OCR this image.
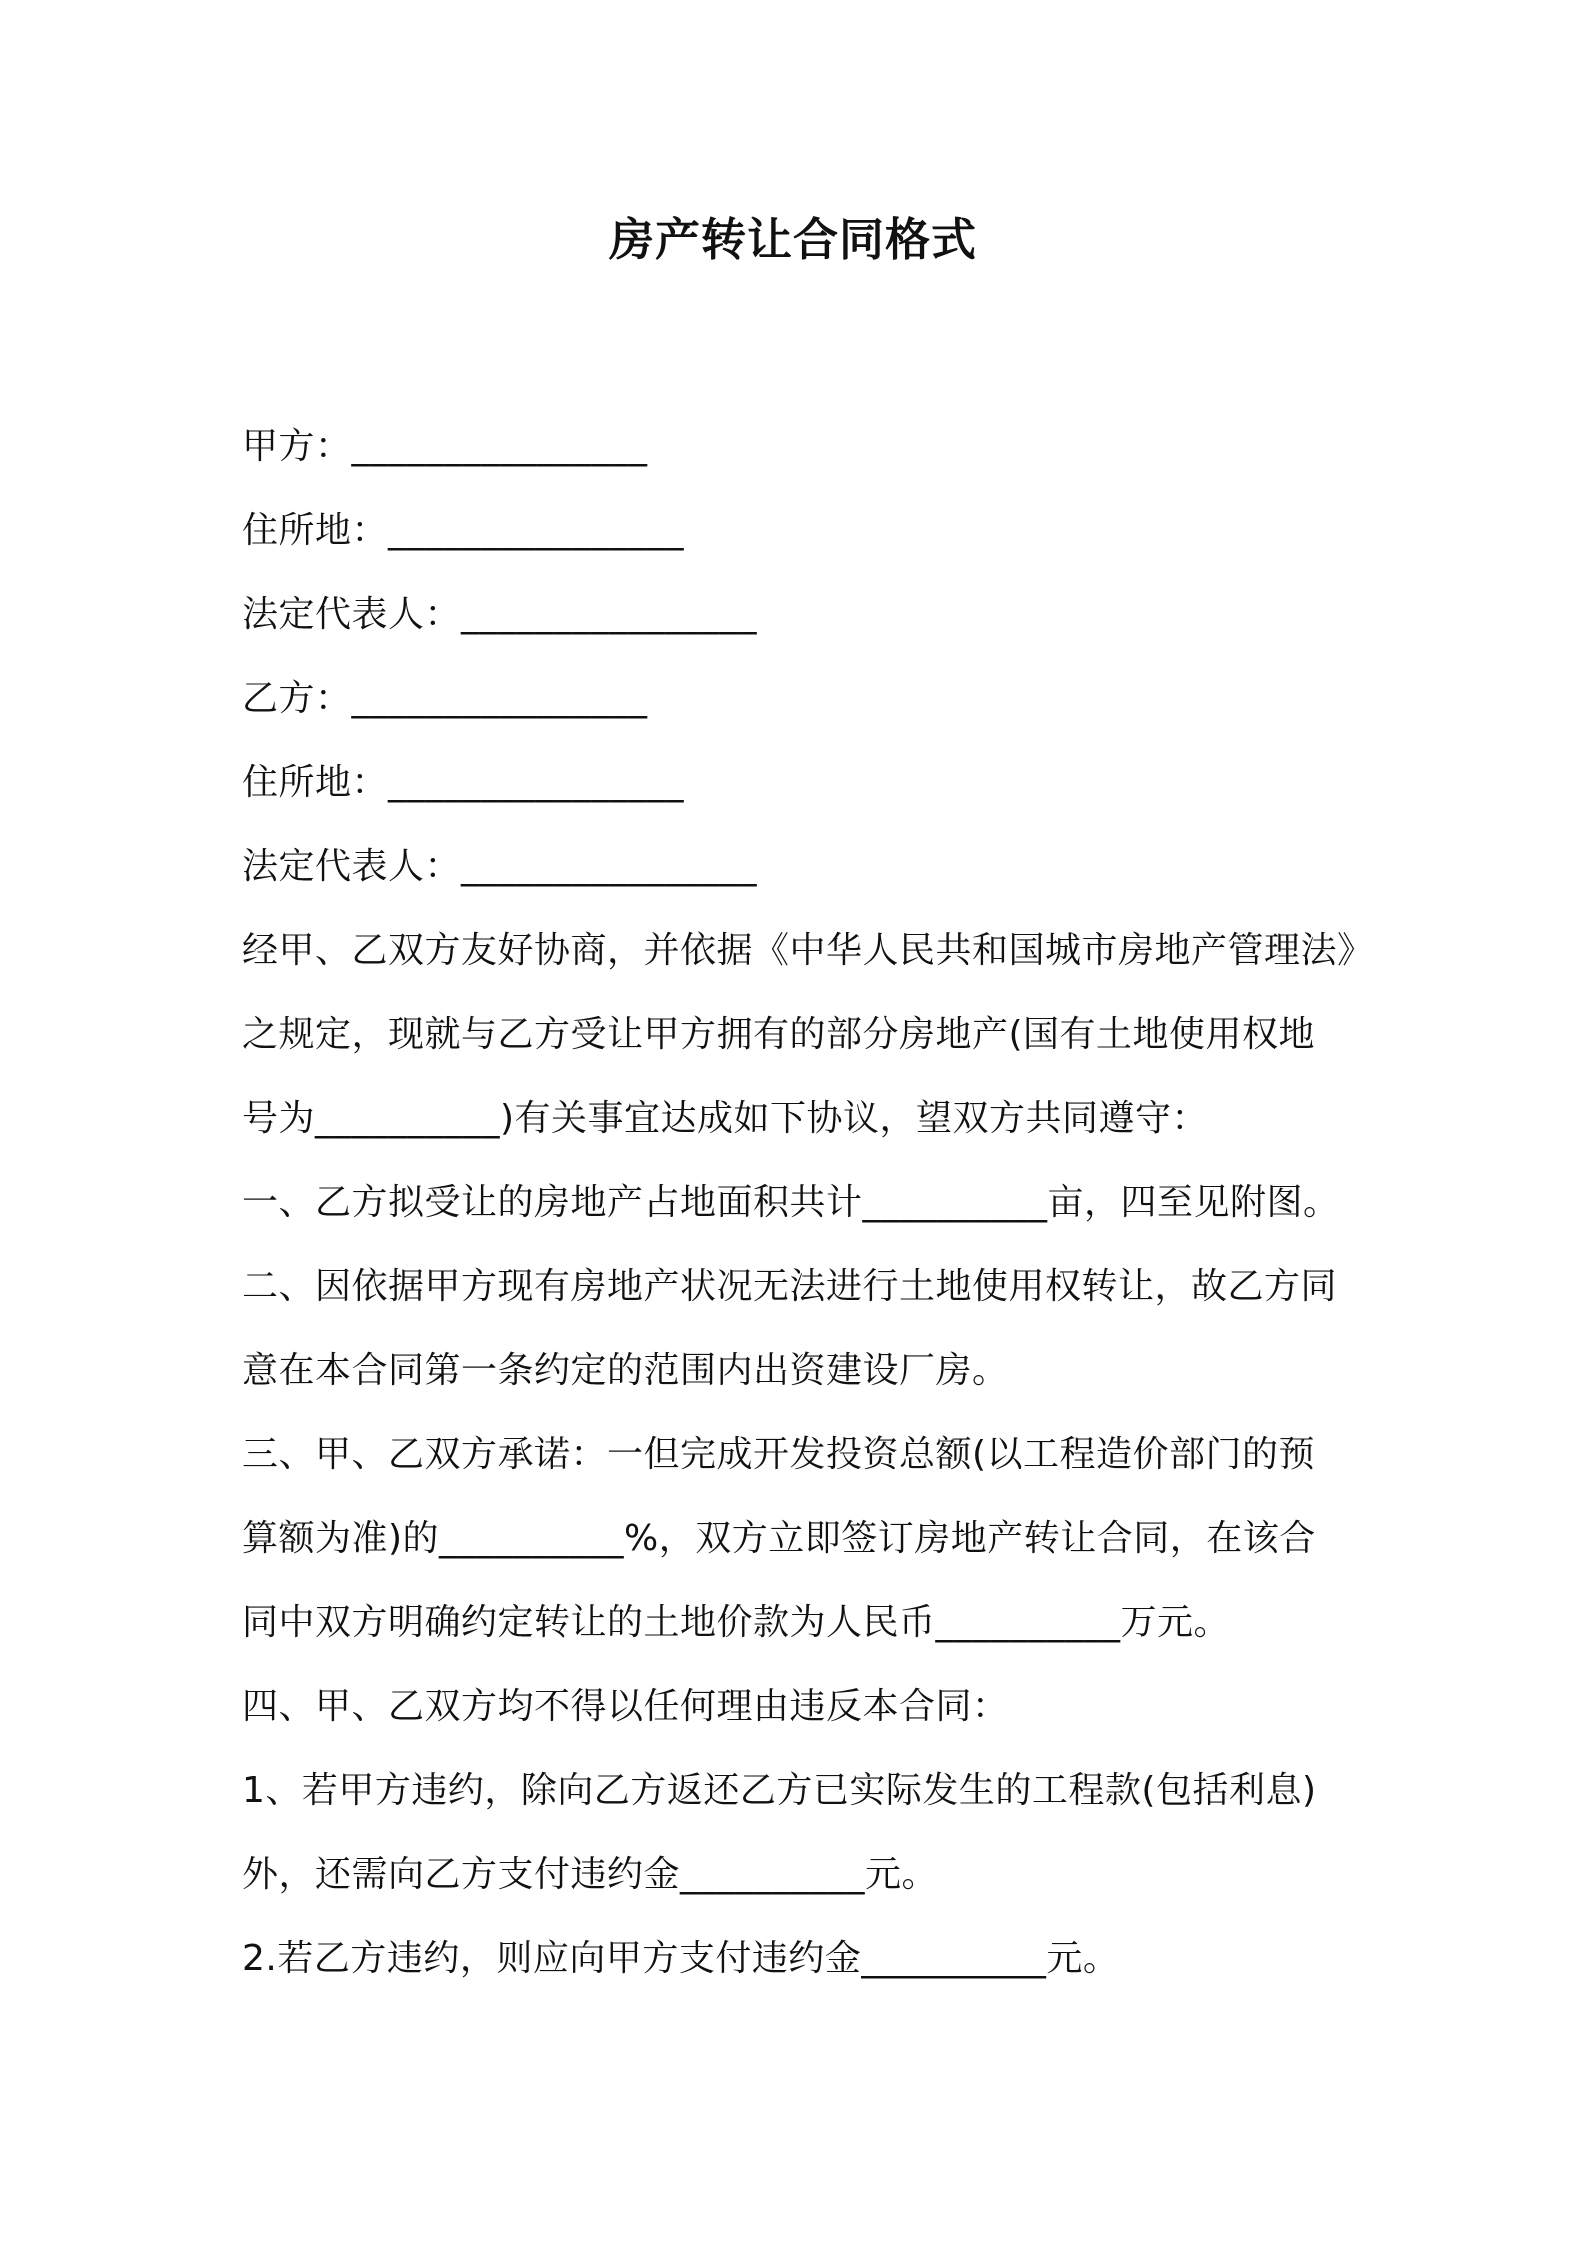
房产转让合同格式
甲方：________________
住所地：________________
法定代表人：________________
乙方：________________
住所地：________________
法定代表人：________________
经甲、乙双方友好协商，并依据《中华人民共和国城市房地产管理法》
之规定，现就与乙方受让甲方拥有的部分房地产(国有土地使用权地
号为__________)有关事宜达成如下协议，望双方共同遵守：
一、乙方拟受让的房地产占地面积共计__________亩，四至见附图。
二、因依据甲方现有房地产状况无法进行土地使用权转让，故乙方同
意在本合同第一条约定的范围内出资建设厂房。
三、甲、乙双方承诺：一但完成开发投资总额(以工程造价部门的预
算额为准)的__________%，双方立即签订房地产转让合同，在该合
同中双方明确约定转让的土地价款为人民币__________万元。
四、甲、乙双方均不得以任何理由违反本合同：
1、若甲方违约，除向乙方返还乙方已实际发生的工程款(包括利息)
外，还需向乙方支付违约金__________元。
2.若乙方违约，则应向甲方支付违约金__________元。
